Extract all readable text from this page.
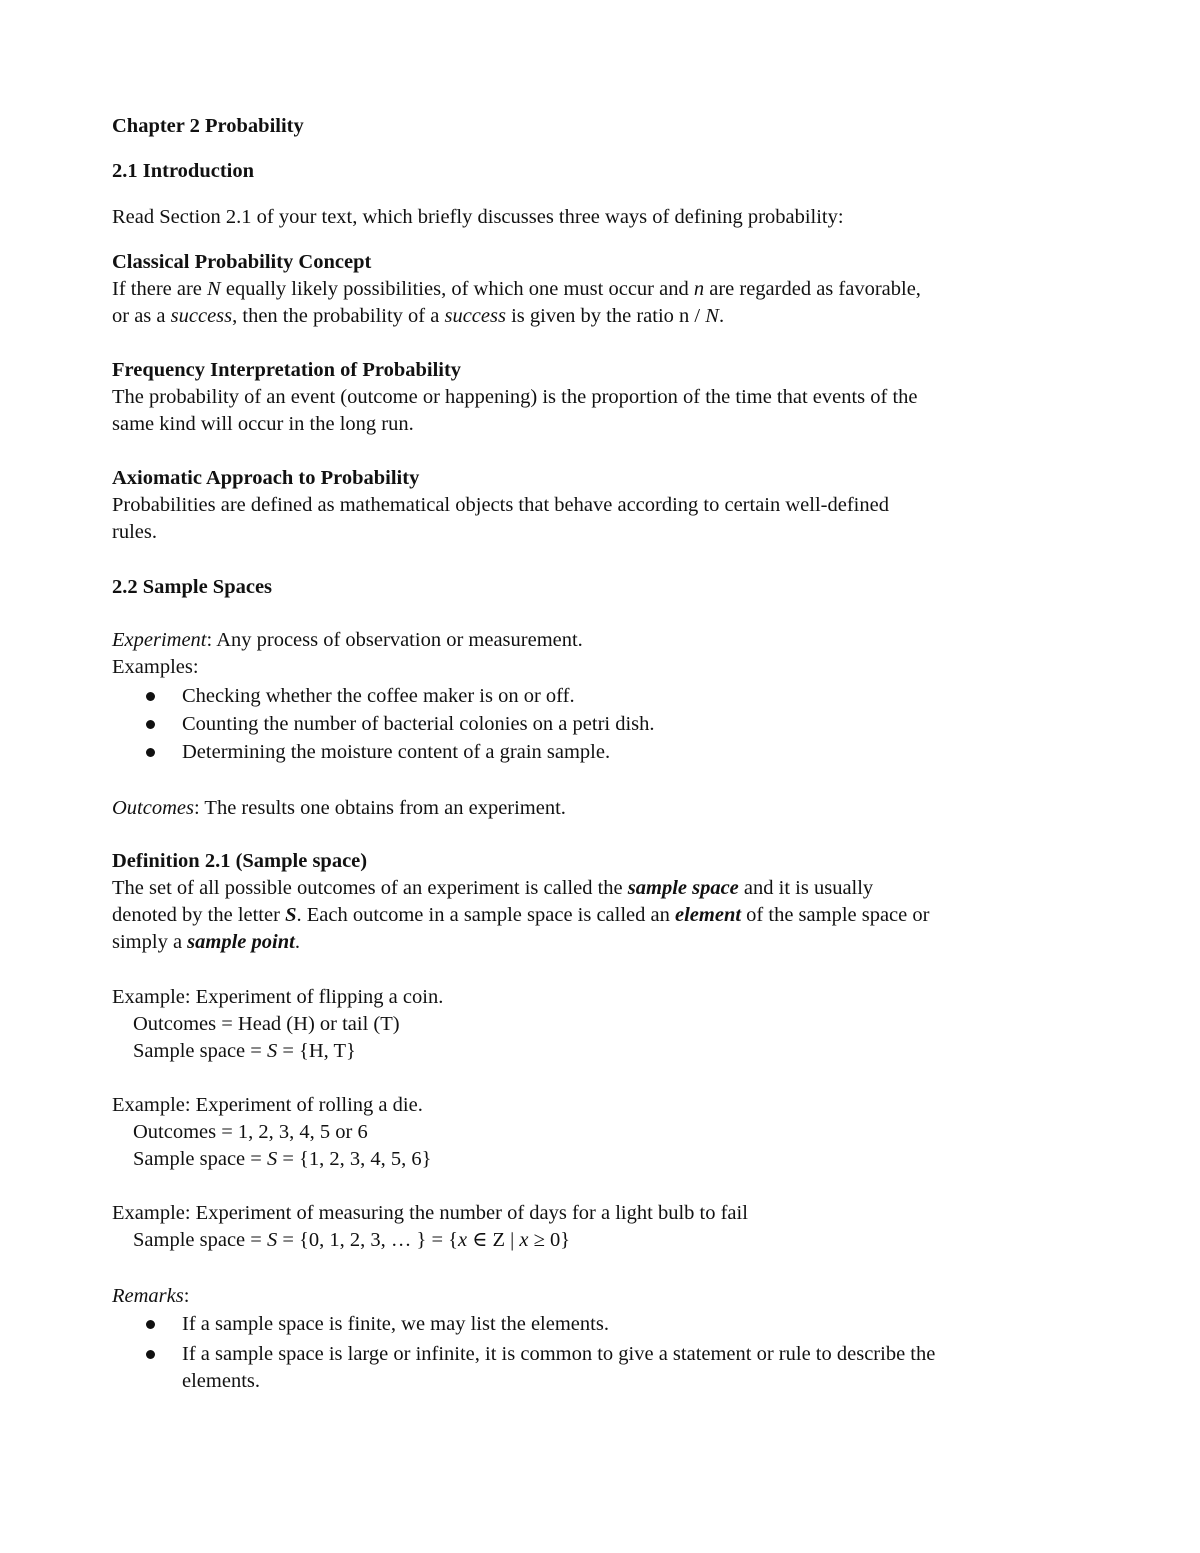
Chapter 2 Probability
2.1 Introduction
Read Section 2.1 of your text, which briefly discusses three ways of defining probability:
Classical Probability Concept
If there are N equally likely possibilities, of which one must occur and n are regarded as favorable,
or as a success, then the probability of a success is given by the ratio n / N.
Frequency Interpretation of Probability
The probability of an event (outcome or happening) is the proportion of the time that events of the
same kind will occur in the long run.
Axiomatic Approach to Probability
Probabilities are defined as mathematical objects that behave according to certain well-defined
rules.
2.2 Sample Spaces
Experiment: Any process of observation or measurement.
Examples:
Checking whether the coffee maker is on or off.
Counting the number of bacterial colonies on a petri dish.
Determining the moisture content of a grain sample.
Outcomes: The results one obtains from an experiment.
Definition 2.1 (Sample space)
The set of all possible outcomes of an experiment is called the sample space and it is usually
denoted by the letter S. Each outcome in a sample space is called an element of the sample space or
simply a sample point.
Example: Experiment of flipping a coin.
Outcomes = Head (H) or tail (T)
Sample space = S = {H, T}
Example: Experiment of rolling a die.
Outcomes = 1, 2, 3, 4, 5 or 6
Sample space = S = {1, 2, 3, 4, 5, 6}
Example: Experiment of measuring the number of days for a light bulb to fail
Sample space = S = {0, 1, 2, 3, … } = {x ∈ Z | x ≥ 0}
Remarks:
If a sample space is finite, we may list the elements.
If a sample space is large or infinite, it is common to give a statement or rule to describe the
elements.
